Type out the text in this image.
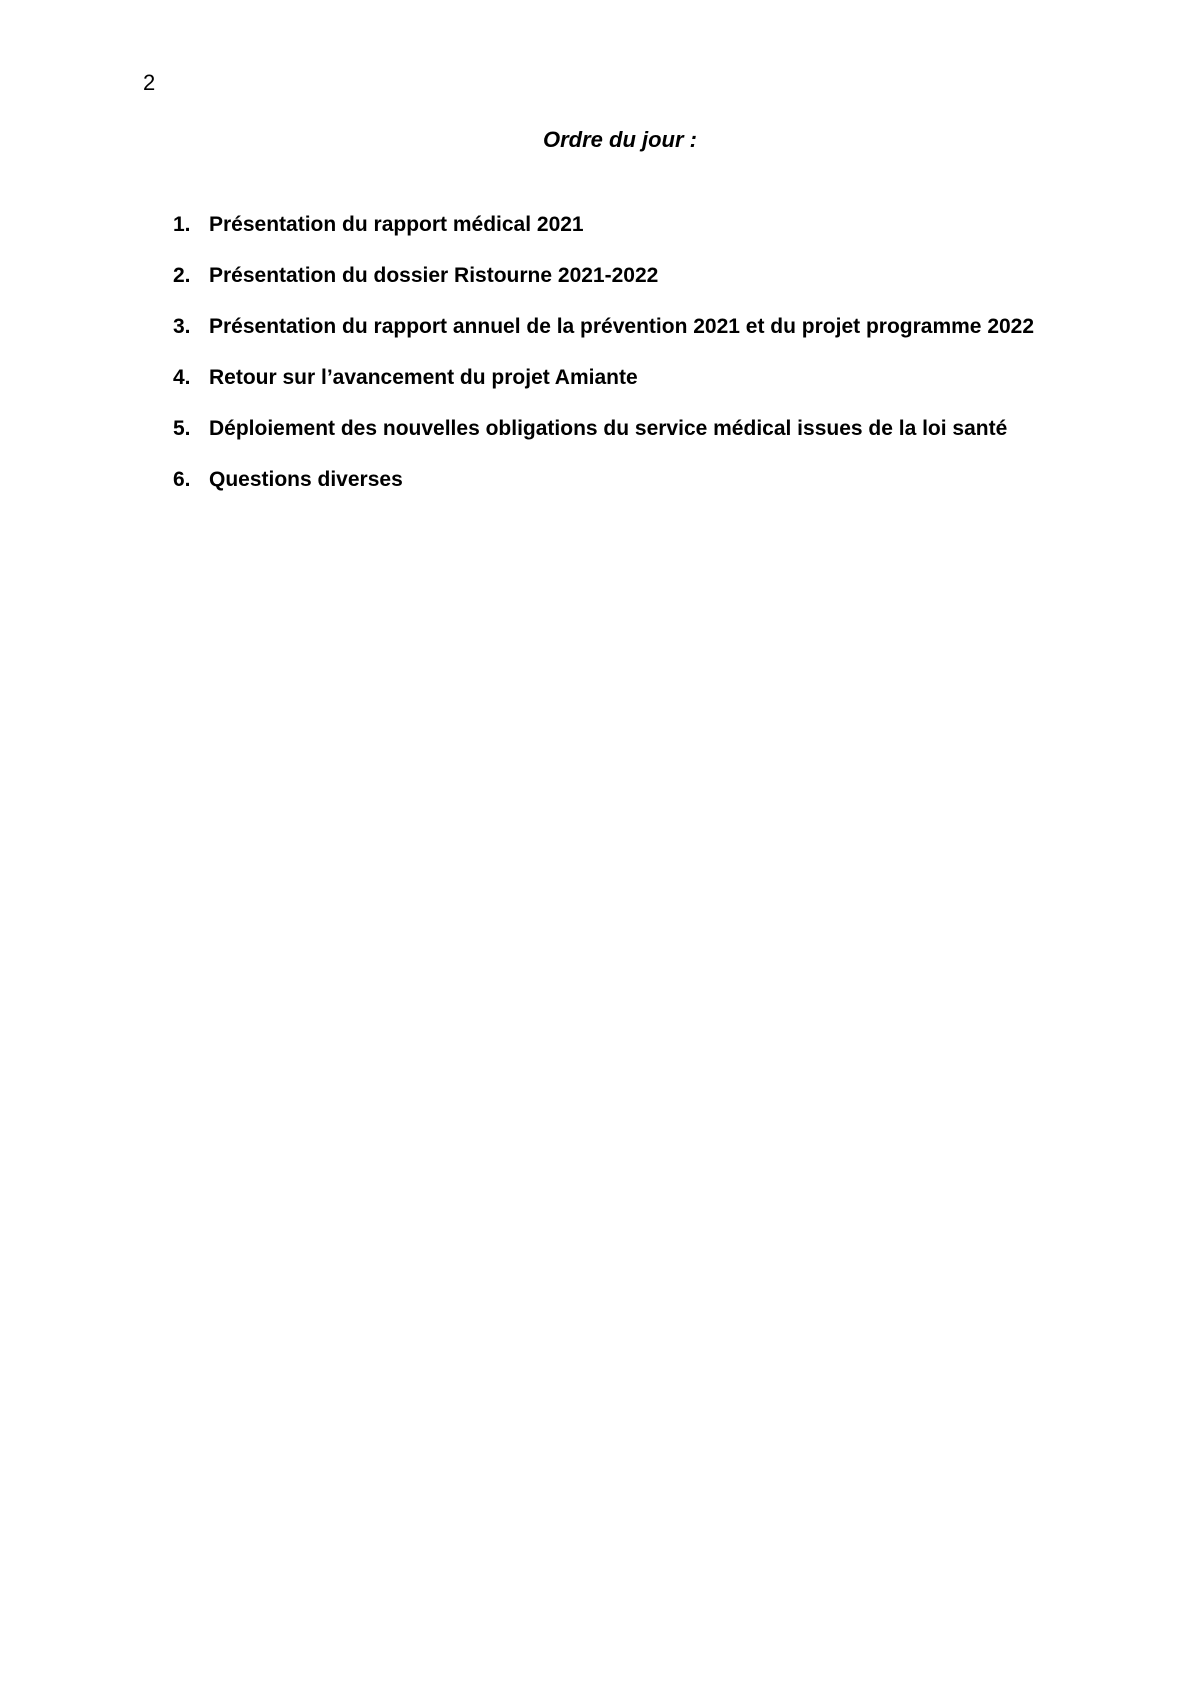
2
Ordre du jour :
1. Présentation du rapport médical 2021
2. Présentation du dossier Ristourne 2021-2022
3. Présentation du rapport annuel de la prévention 2021 et du projet programme 2022
4. Retour sur l’avancement du projet Amiante
5. Déploiement des nouvelles obligations du service médical issues de la loi santé
6. Questions diverses
